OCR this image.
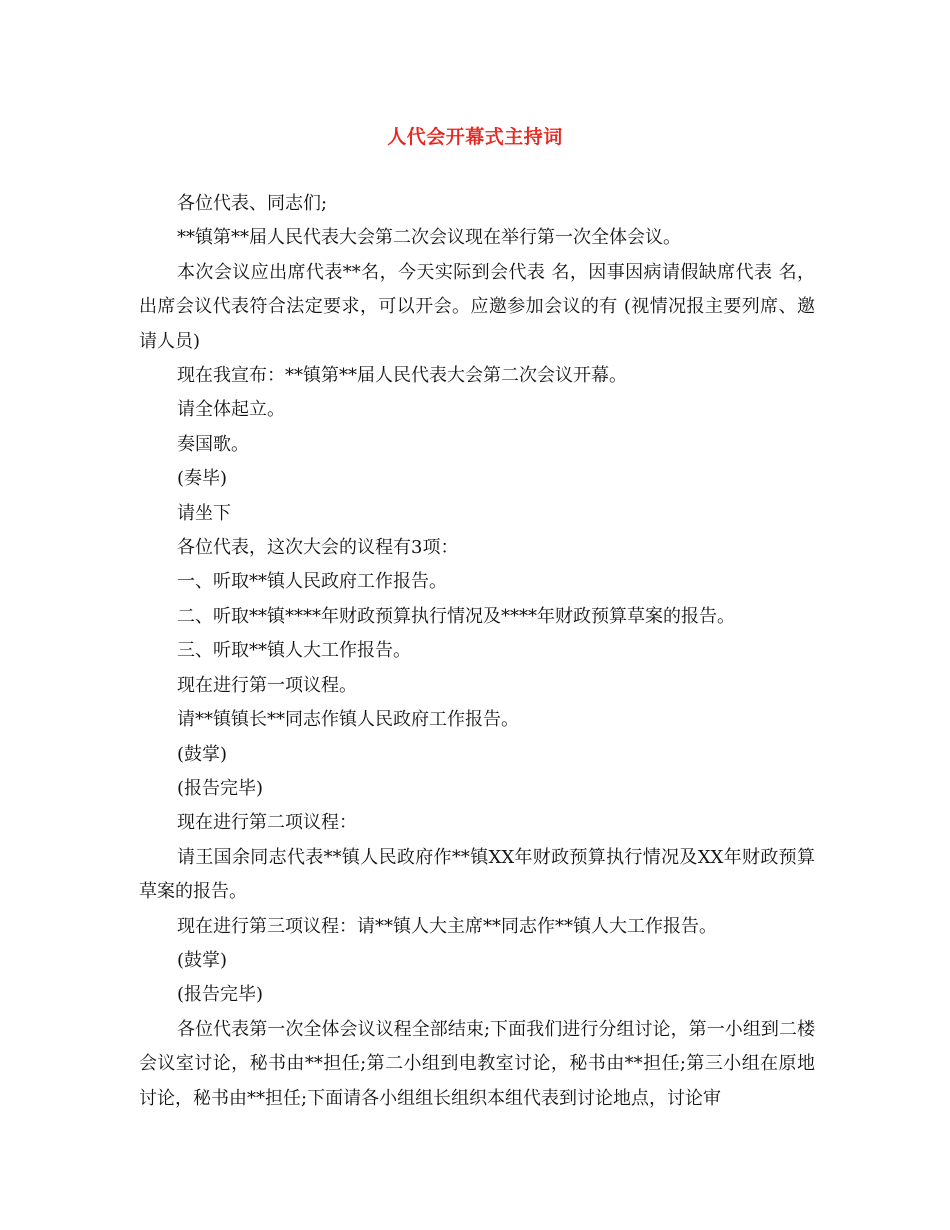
人代会开幕式主持词

各位代表、同志们;

**镇第**届人民代表大会第二次会议现在举行第一次全体会议。

本次会议应出席代表**名，今天实际到会代表 名，因事因病请假缺席代表 名，出席会议代表符合法定要求，可以开会。应邀参加会议的有 (视情况报主要列席、邀请人员)

现在我宣布：**镇第**届人民代表大会第二次会议开幕。

请全体起立。

奏国歌。

(奏毕)

请坐下

各位代表，这次大会的议程有3项：

一、听取**镇人民政府工作报告。

二、听取**镇****年财政预算执行情况及****年财政预算草案的报告。

三、听取**镇人大工作报告。

现在进行第一项议程。

请**镇镇长**同志作镇人民政府工作报告。

(鼓掌)

(报告完毕)

现在进行第二项议程：

请王国余同志代表**镇人民政府作**镇XX年财政预算执行情况及XX年财政预算草案的报告。

现在进行第三项议程：请**镇人大主席**同志作**镇人大工作报告。

(鼓掌)

(报告完毕)

各位代表第一次全体会议议程全部结束;下面我们进行分组讨论，第一小组到二楼会议室讨论，秘书由**担任;第二小组到电教室讨论，秘书由**担任;第三小组在原地讨论，秘书由**担任;下面请各小组组长组织本组代表到讨论地点，讨论审
